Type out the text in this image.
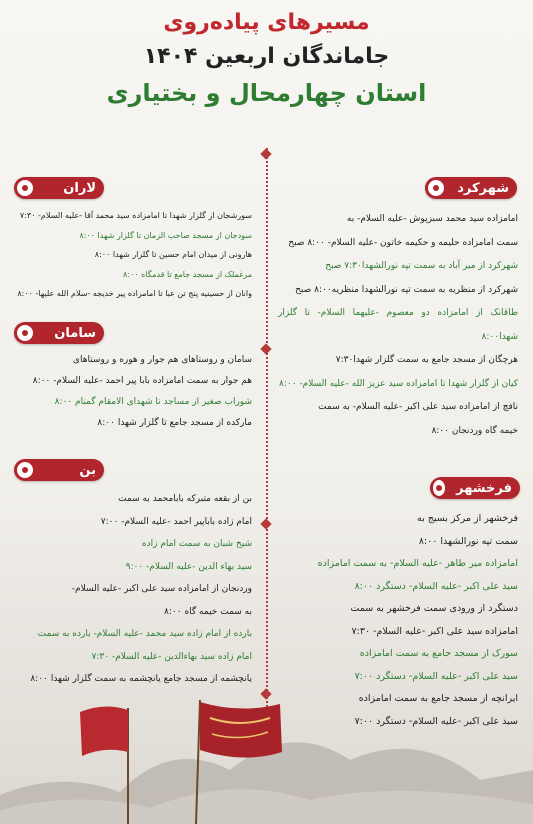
مسیرهای پیاده‌روی
جاماندگان اربعین ۱۴۰۴
استان چهارمحال و بختیاری
شهرکرد

امامزاده سید محمد سبزپوش -علیه السلام- به

سمت امامزاده حلیمه و حکیمه خاتون -علیه السلام- ۸:۰۰ صبح

شهرکرد از میر آباد به سمت تپه نورالشهدا۷:۳۰ صبح

شهرکرد از منظریه به سمت تپه نورالشهدا منظریه۸:۰۰ صبح

طاقانک از امامزاده دو معصوم -علیهما السلام- تا گلزار شهدا۸:۰۰

هرچگان از مسجد جامع به سمت گلزار شهدا۷:۳۰

کیان از گلزار شهدا تا امامزاده سید عزیز الله -علیه السلام- ۸:۰۰

نافچ از امامزاده سید علی اکبر -علیه السلام- به سمت

خیمه گاه وردنجان ۸:۰۰

فرخشهر

فرخشهر از مرکز بسیج به

سمت تپه نورالشهدا ۸:۰۰

امامزاده میر طاهر -علیه السلام- به سمت امامزاده

سید علی اکبر -علیه السلام- دستگرد ۸:۰۰

دستگرد از ورودی سمت فرخشهر به سمت

امامزاده سید علی اکبر -علیه السلام- ۷:۳۰

سورک از مسجد جامع به سمت امامزاده

سید علی اکبر -علیه السلام- دستگرد ۷:۰۰

ایرانچه از مسجد جامع به سمت امامزاده

سید علی اکبر -علیه السلام- دستگرد ۷:۰۰

لاران

سورشجان از گلزار شهدا تا امامزاده سید محمد آقا -علیه السلام- ۷:۳۰

سودجان از مسجد صاحب الزمان تا گلزار شهدا ۸:۰۰

هارونی از میدان امام حسین تا گلزار شهدا ۸:۰۰

مرغملک از مسجد جامع تا قدمگاه ۸:۰۰

وانان از حسینیه پنج تن عبا تا امامزاده پیر خدیجه -سلام الله علیها- ۸:۰۰

سامان

سامان و روستاهای هم جوار و هوره و روستاهای

هم جوار به سمت امامزاده بابا پیر احمد -علیه السلام- ۸:۰۰

شوراب صغیر از مساجد تا شهدای الامقام گمنام ۸:۰۰

مارکده از مسجد جامع تا گلزار شهدا ۸:۰۰

بن

بن از بقعه متبرکه بابامحمد به سمت

امام زاده باباپیر احمد -علیه السلام- ۷:۰۰

شیخ شبان به سمت امام زاده

سید بهاء الدین -علیه السلام- ۹:۰۰

وردنجان از امامزاده سید علی اکبر -علیه السلام-

به سمت خیمه گاه ۸:۰۰

بارده از امام زاده سید محمد -علیه السلام- بارده به سمت

امام زاده سید بهاءالدین -علیه السلام- ۷:۳۰

یانچشمه از مسجد جامع یانچشمه به سمت گلزار شهدا ۸:۰۰
